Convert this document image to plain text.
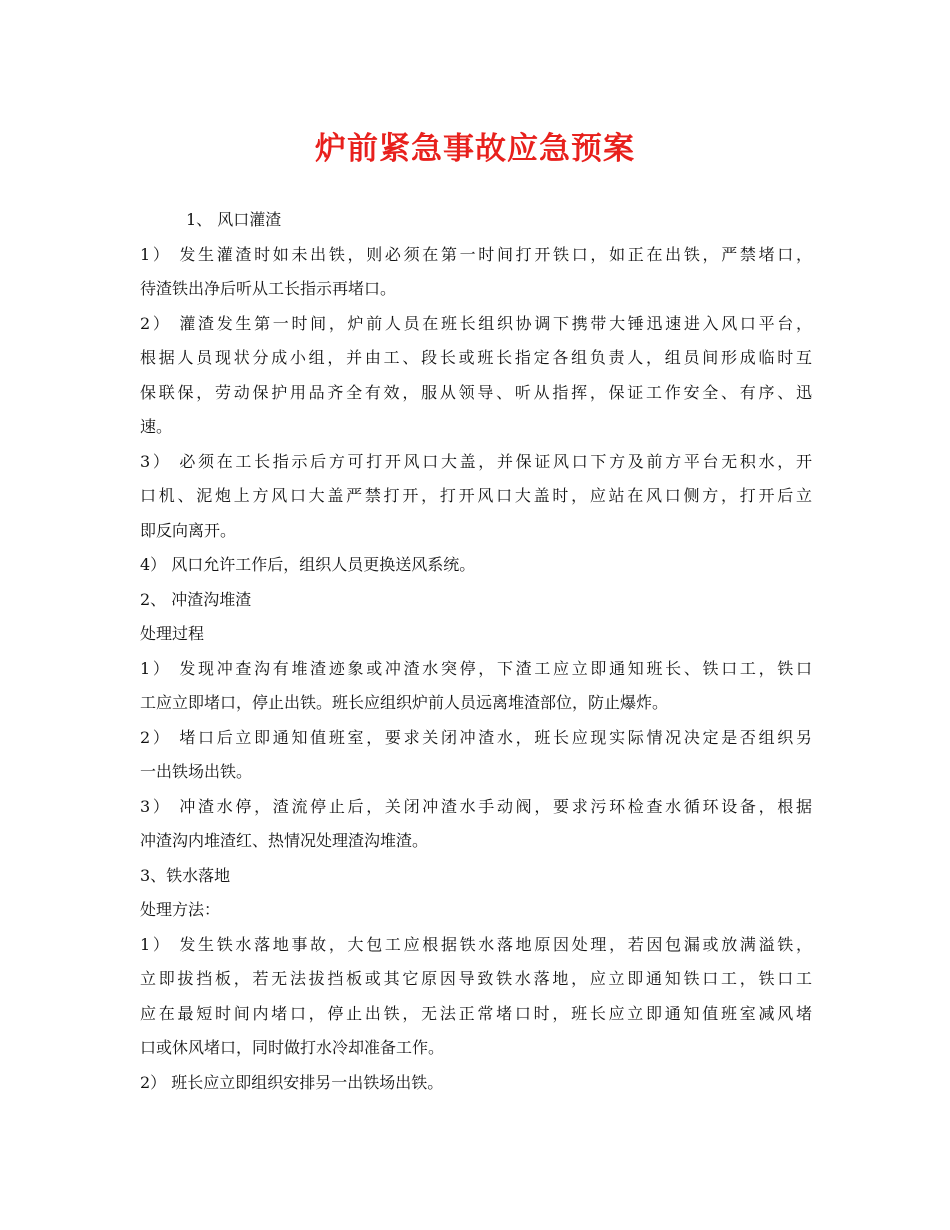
炉前紧急事故应急预案
1、 风口灌渣
1） 发生灌渣时如未出铁，则必须在第一时间打开铁口，如正在出铁，严禁堵口，
待渣铁出净后听从工长指示再堵口。
2） 灌渣发生第一时间，炉前人员在班长组织协调下携带大锤迅速进入风口平台，
根据人员现状分成小组，并由工、段长或班长指定各组负责人，组员间形成临时互
保联保，劳动保护用品齐全有效，服从领导、听从指挥，保证工作安全、有序、迅
速。
3） 必须在工长指示后方可打开风口大盖，并保证风口下方及前方平台无积水，开
口机、泥炮上方风口大盖严禁打开，打开风口大盖时，应站在风口侧方，打开后立
即反向离开。
4） 风口允许工作后，组织人员更换送风系统。
2、 冲渣沟堆渣
处理过程
1） 发现冲查沟有堆渣迹象或冲渣水突停，下渣工应立即通知班长、铁口工，铁口
工应立即堵口，停止出铁。班长应组织炉前人员远离堆渣部位，防止爆炸。
2） 堵口后立即通知值班室，要求关闭冲渣水，班长应现实际情况决定是否组织另
一出铁场出铁。
3） 冲渣水停，渣流停止后，关闭冲渣水手动阀，要求污环检查水循环设备，根据
冲渣沟内堆渣红、热情况处理渣沟堆渣。
3、铁水落地
处理方法：
1） 发生铁水落地事故，大包工应根据铁水落地原因处理，若因包漏或放满溢铁，
立即拔挡板，若无法拔挡板或其它原因导致铁水落地，应立即通知铁口工，铁口工
应在最短时间内堵口，停止出铁，无法正常堵口时，班长应立即通知值班室减风堵
口或休风堵口，同时做打水冷却准备工作。
2） 班长应立即组织安排另一出铁场出铁。
